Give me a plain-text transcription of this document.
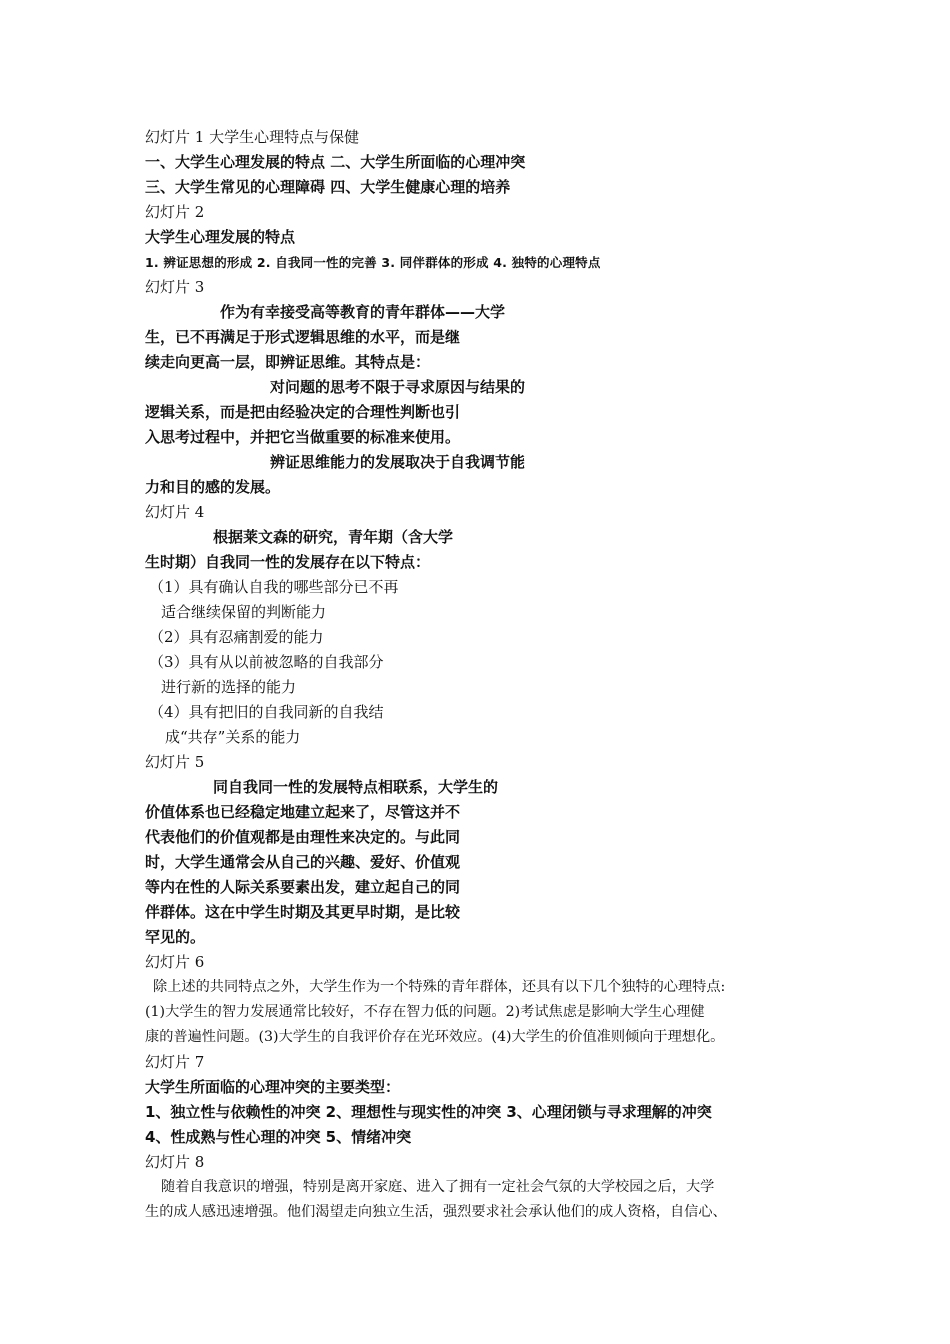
幻灯片 1 大学生心理特点与保健
一、大学生心理发展的特点 二、大学生所面临的心理冲突
三、大学生常见的心理障碍 四、大学生健康心理的培养
幻灯片 2
大学生心理发展的特点
1. 辨证思想的形成 2. 自我同一性的完善 3. 同伴群体的形成 4. 独特的心理特点
幻灯片 3
作为有幸接受高等教育的青年群体——大学
生，已不再满足于形式逻辑思维的水平，而是继
续走向更高一层，即辨证思维。其特点是：
对问题的思考不限于寻求原因与结果的
逻辑关系，而是把由经验决定的合理性判断也引
入思考过程中，并把它当做重要的标准来使用。
辨证思维能力的发展取决于自我调节能
力和目的感的发展。
幻灯片 4
根据莱文森的研究，青年期（含大学
生时期）自我同一性的发展存在以下特点：
（1）具有确认自我的哪些部分已不再
适合继续保留的判断能力
（2）具有忍痛割爱的能力
（3）具有从以前被忽略的自我部分
进行新的选择的能力
（4）具有把旧的自我同新的自我结
成“共存”关系的能力
幻灯片 5
同自我同一性的发展特点相联系，大学生的
价值体系也已经稳定地建立起来了，尽管这并不
代表他们的价值观都是由理性来决定的。与此同
时，大学生通常会从自己的兴趣、爱好、价值观
等内在性的人际关系要素出发，建立起自己的同
伴群体。这在中学生时期及其更早时期，是比较
罕见的。
幻灯片 6
除上述的共同特点之外，大学生作为一个特殊的青年群体，还具有以下几个独特的心理特点:
(1)大学生的智力发展通常比较好，不存在智力低的问题。2)考试焦虑是影响大学生心理健
康的普遍性问题。(3)大学生的自我评价存在光环效应。(4)大学生的价值准则倾向于理想化。
幻灯片 7
大学生所面临的心理冲突的主要类型：
1、独立性与依赖性的冲突 2、理想性与现实性的冲突 3、心理闭锁与寻求理解的冲突
4、性成熟与性心理的冲突 5、情绪冲突
幻灯片 8
随着自我意识的增强，特别是离开家庭、进入了拥有一定社会气氛的大学校园之后，大学
生的成人感迅速增强。他们渴望走向独立生活，强烈要求社会承认他们的成人资格，自信心、
